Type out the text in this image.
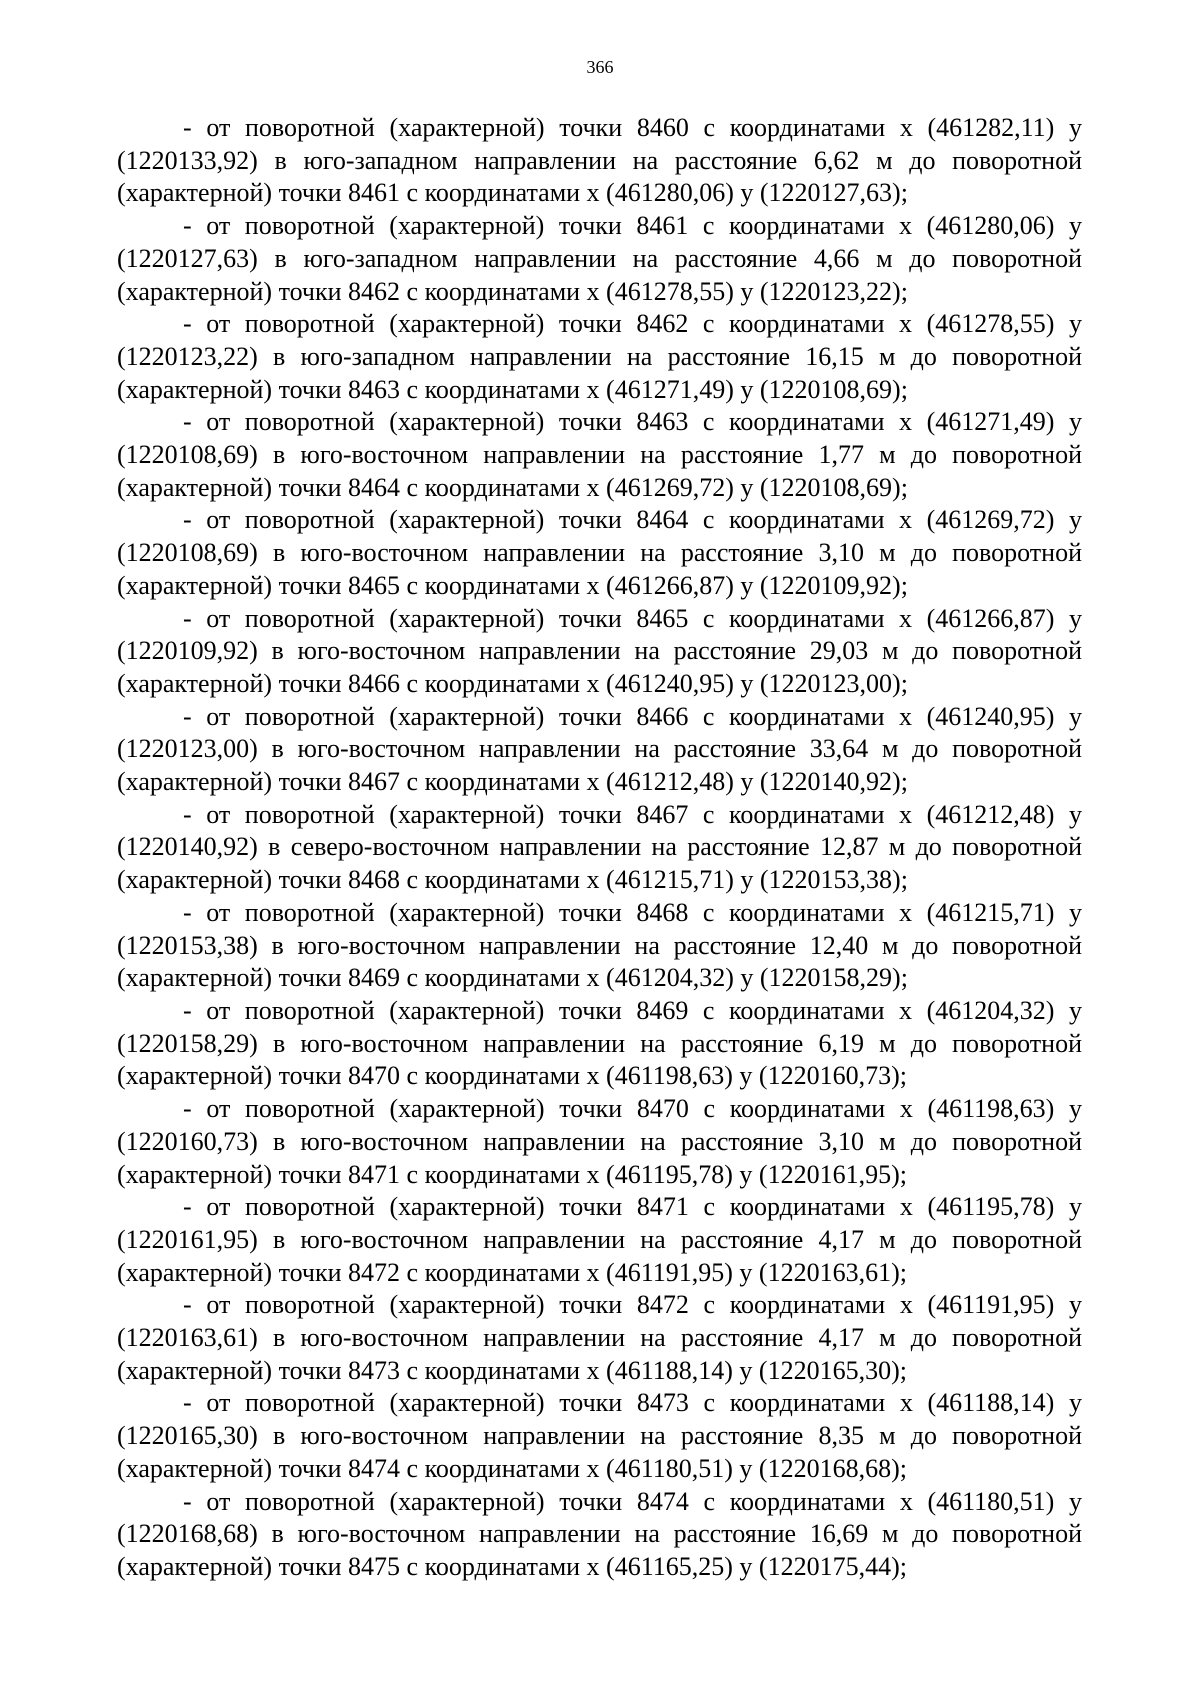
366

- от поворотной (характерной) точки 8460 с координатами х (461282,11) у (1220133,92) в юго-западном направлении на расстояние 6,62 м до поворотной (характерной) точки 8461 с координатами х (461280,06) у (1220127,63);

- от поворотной (характерной) точки 8461 с координатами х (461280,06) у (1220127,63) в юго-западном направлении на расстояние 4,66 м до поворотной (характерной) точки 8462 с координатами х (461278,55) у (1220123,22);

- от поворотной (характерной) точки 8462 с координатами х (461278,55) у (1220123,22) в юго-западном направлении на расстояние 16,15 м до поворотной (характерной) точки 8463 с координатами х (461271,49) у (1220108,69);

- от поворотной (характерной) точки 8463 с координатами х (461271,49) у (1220108,69) в юго-восточном направлении на расстояние 1,77 м до поворотной (характерной) точки 8464 с координатами х (461269,72) у (1220108,69);

- от поворотной (характерной) точки 8464 с координатами х (461269,72) у (1220108,69) в юго-восточном направлении на расстояние 3,10 м до поворотной (характерной) точки 8465 с координатами х (461266,87) у (1220109,92);

- от поворотной (характерной) точки 8465 с координатами х (461266,87) у (1220109,92) в юго-восточном направлении на расстояние 29,03 м до поворотной (характерной) точки 8466 с координатами х (461240,95) у (1220123,00);

- от поворотной (характерной) точки 8466 с координатами х (461240,95) у (1220123,00) в юго-восточном направлении на расстояние 33,64 м до поворотной (характерной) точки 8467 с координатами х (461212,48) у (1220140,92);

- от поворотной (характерной) точки 8467 с координатами х (461212,48) у (1220140,92) в северо-восточном направлении на расстояние 12,87 м до поворотной (характерной) точки 8468 с координатами х (461215,71) у (1220153,38);

- от поворотной (характерной) точки 8468 с координатами х (461215,71) у (1220153,38) в юго-восточном направлении на расстояние 12,40 м до поворотной (характерной) точки 8469 с координатами х (461204,32) у (1220158,29);

- от поворотной (характерной) точки 8469 с координатами х (461204,32) у (1220158,29) в юго-восточном направлении на расстояние 6,19 м до поворотной (характерной) точки 8470 с координатами х (461198,63) у (1220160,73);

- от поворотной (характерной) точки 8470 с координатами х (461198,63) у (1220160,73) в юго-восточном направлении на расстояние 3,10 м до поворотной (характерной) точки 8471 с координатами х (461195,78) у (1220161,95);

- от поворотной (характерной) точки 8471 с координатами х (461195,78) у (1220161,95) в юго-восточном направлении на расстояние 4,17 м до поворотной (характерной) точки 8472 с координатами х (461191,95) у (1220163,61);

- от поворотной (характерной) точки 8472 с координатами х (461191,95) у (1220163,61) в юго-восточном направлении на расстояние 4,17 м до поворотной (характерной) точки 8473 с координатами х (461188,14) у (1220165,30);

- от поворотной (характерной) точки 8473 с координатами х (461188,14) у (1220165,30) в юго-восточном направлении на расстояние 8,35 м до поворотной (характерной) точки 8474 с координатами х (461180,51) у (1220168,68);

- от поворотной (характерной) точки 8474 с координатами х (461180,51) у (1220168,68) в юго-восточном направлении на расстояние 16,69 м до поворотной (характерной) точки 8475 с координатами х (461165,25) у (1220175,44);
